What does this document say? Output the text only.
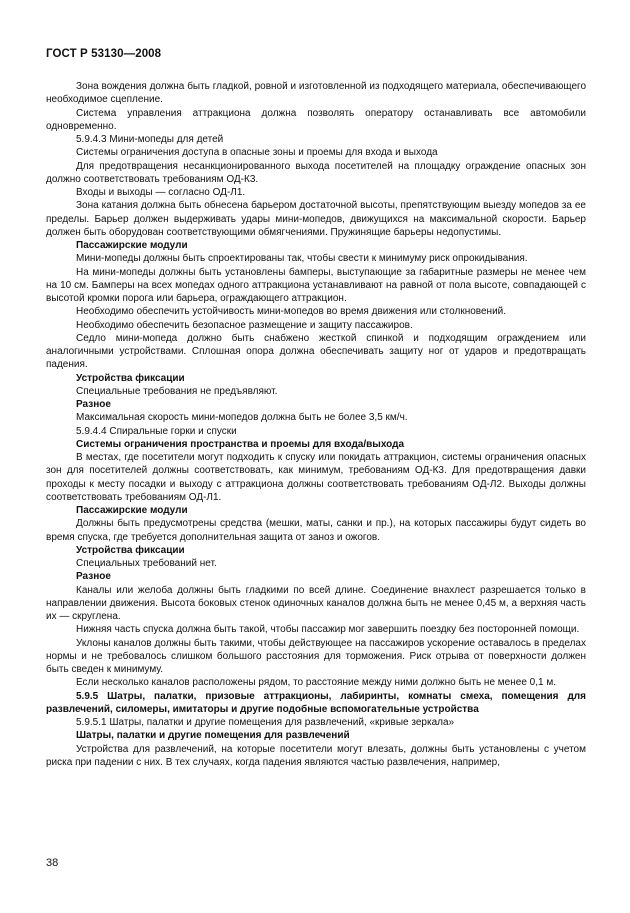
ГОСТ Р 53130—2008

Зона вождения должна быть гладкой, ровной и изготовленной из подходящего материала, обеспечивающего необходимое сцепление.

Система управления аттракциона должна позволять оператору останавливать все автомобили одновременно.

5.9.4.3 Мини-мопеды для детей

Системы ограничения доступа в опасные зоны и проемы для входа и выхода

Для предотвращения несанкционированного выхода посетителей на площадку ограждение опасных зон должно соответствовать требованиям ОД-К3.

Входы и выходы — согласно ОД-Л1.

Зона катания должна быть обнесена барьером достаточной высоты, препятствующим выезду мопедов за ее пределы. Барьер должен выдерживать удары мини-мопедов, движущихся на максимальной скорости. Барьер должен быть оборудован соответствующими обмягчениями. Пружинящие барьеры недопустимы.

Пассажирские модули

Мини-мопеды должны быть спроектированы так, чтобы свести к минимуму риск опрокидывания.

На мини-мопеды должны быть установлены бамперы, выступающие за габаритные размеры не менее чем на 10 см. Бамперы на всех мопедах одного аттракциона устанавливают на равной от пола высоте, совпадающей с высотой кромки порога или барьера, ограждающего аттракцион.

Необходимо обеспечить устойчивость мини-мопедов во время движения или столкновений.

Необходимо обеспечить безопасное размещение и защиту пассажиров.

Седло мини-мопеда должно быть снабжено жесткой спинкой и подходящим ограждением или аналогичными устройствами. Сплошная опора должна обеспечивать защиту ног от ударов и предотвращать падения.

Устройства фиксации

Специальные требования не предъявляют.

Разное

Максимальная скорость мини-мопедов должна быть не более 3,5 км/ч.

5.9.4.4 Спиральные горки и спуски

Системы ограничения пространства и проемы для входа/выхода

В местах, где посетители могут подходить к спуску или покидать аттракцион, системы ограничения опасных зон для посетителей должны соответствовать, как минимум, требованиям ОД-К3. Для предотвращения давки проходы к месту посадки и выходу с аттракциона должны соответствовать требованиям ОД-Л2. Выходы должны соответствовать требованиям ОД-Л1.

Пассажирские модули

Должны быть предусмотрены средства (мешки, маты, санки и пр.), на которых пассажиры будут сидеть во время спуска, где требуется дополнительная защита от заноз и ожогов.

Устройства фиксации

Специальных требований нет.

Разное

Каналы или желоба должны быть гладкими по всей длине. Соединение внахлест разрешается только в направлении движения. Высота боковых стенок одиночных каналов должна быть не менее 0,45 м, а верхняя часть их — скруглена.

Нижняя часть спуска должна быть такой, чтобы пассажир мог завершить поездку без посторонней помощи.

Уклоны каналов должны быть такими, чтобы действующее на пассажиров ускорение оставалось в пределах нормы и не требовалось слишком большого расстояния для торможения. Риск отрыва от поверхности должен быть сведен к минимуму.

Если несколько каналов расположены рядом, то расстояние между ними должно быть не менее 0,1 м.

5.9.5 Шатры, палатки, призовые аттракционы, лабиринты, комнаты смеха, помещения для развлечений, силомеры, имитаторы и другие подобные вспомогательные устройства

5.9.5.1 Шатры, палатки и другие помещения для развлечений, «кривые зеркала»

Шатры, палатки и другие помещения для развлечений

Устройства для развлечений, на которые посетители могут влезать, должны быть установлены с учетом риска при падении с них. В тех случаях, когда падения являются частью развлечения, например,

38
